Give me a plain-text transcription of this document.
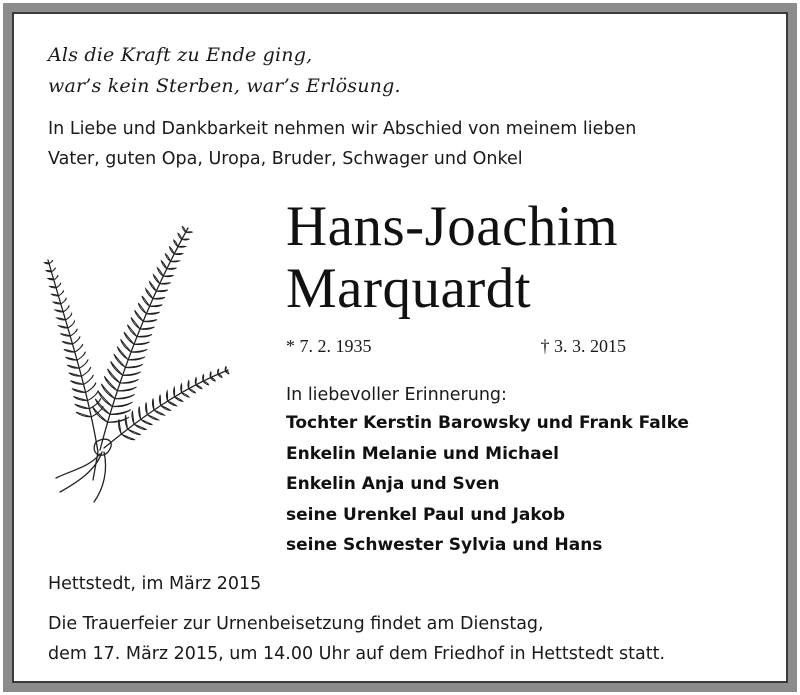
Als die Kraft zu Ende ging,
war’s kein Sterben, war’s Erlösung.
In Liebe und Dankbarkeit nehmen wir Abschied von meinem lieben
Vater, guten Opa, Uropa, Bruder, Schwager und Onkel
Hans-Joachim
Marquardt
* 7. 2. 1935	† 3. 3. 2015
In liebevoller Erinnerung:
Tochter Kerstin Barowsky und Frank Falke
Enkelin Melanie und Michael
Enkelin Anja und Sven
seine Urenkel Paul und Jakob
seine Schwester Sylvia und Hans
Hettstedt, im März 2015
Die Trauerfeier zur Urnenbeisetzung findet am Dienstag,
dem 17. März 2015, um 14.00 Uhr auf dem Friedhof in Hettstedt statt.
